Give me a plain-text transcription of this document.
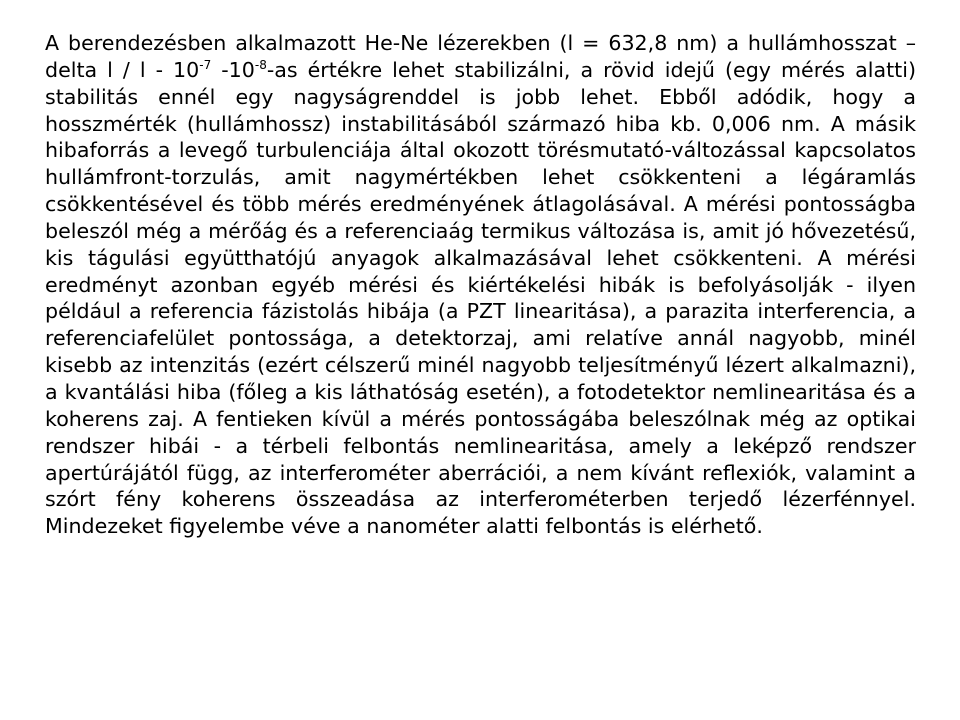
A berendezésben alkalmazott He-Ne lézerekben (l = 632,8 nm) a hullámhosszat – delta l / l - $10^{-7}$ $-10^{-8}-as$ értékre lehet stabilizálni, a rövid idejű (egy mérés alatti) stabilitás ennél egy nagyságrenddel is jobb lehet. Ebből adódik, hogy a hosszmérték (hullámhossz) instabilitásából származó hiba kb. 0,006 nm. A másik hibaforrás a levegő turbulenciája által okozott törésmutató-változással kapcsolatos hullámfront-torzulás, amit nagymértékben lehet csökkenteni a légáramlás csökkentésével és több mérés eredményének átlagolásával. A mérési pontosságba beleszól még a mérőág és a referenciaág termikus változása is, amit jó hővezetésű, kis tágulási együtthatójú anyagok alkalmazásával lehet csökkenteni. A mérési eredményt azonban egyéb mérési és kiértékelési hibák is befolyásolják - ilyen például a referencia fázistolás hibája (a PZT linearitása), a parazita interferencia, a referenciafelület pontossága, a detektorzaj, ami relatíve annál nagyobb, minél kisebb az intenzitás (ezért célszerű minél nagyobb teljesítményű lézert alkalmazni), a kvantálási hiba (főleg a kis láthatóság esetén), a fotodetektor nemlinearitása és a koherens zaj. A fentieken kívül a mérés pontosságába beleszólnak még az optikai rendszer hibái - a térbeli felbontás nemlinearitása, amely a leképző rendszer apertúrájától függ, az interferométer aberrációi, a nem kívánt reflexiók, valamint a szórt fény koherens összeadása az interferométerben terjedő lézerfénnyel. Mindezeket figyelembe véve a nanométer alatti felbontás is elérhető.
